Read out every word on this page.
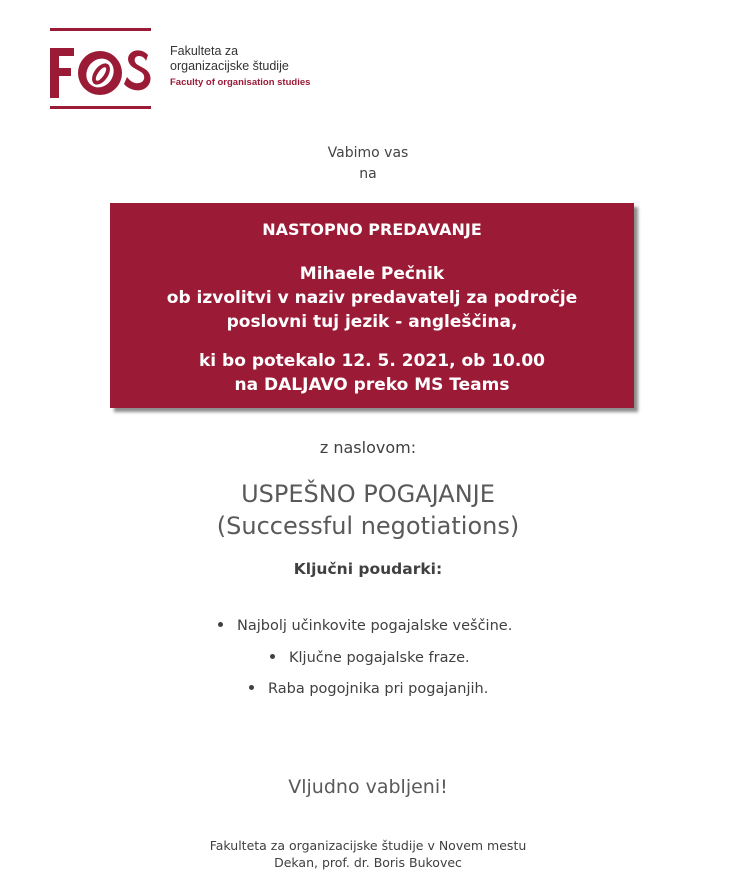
Fakulteta za
organizacijske študije
Faculty of organisation studies
Vabimo vas
na
NASTOPNO PREDAVANJE
Mihaele Pečnik
ob izvolitvi v naziv predavatelj za področje
poslovni tuj jezik - angleščina,
ki bo potekalo 12. 5. 2021, ob 10.00
na DALJAVO preko MS Teams
z naslovom:
USPEŠNO POGAJANJE
(Successful negotiations)
Ključni poudarki:
Najbolj učinkovite pogajalske veščine.
Ključne pogajalske fraze.
Raba pogojnika pri pogajanjih.
Vljudno vabljeni!
Fakulteta za organizacijske študije v Novem mestu
Dekan, prof. dr. Boris Bukovec
